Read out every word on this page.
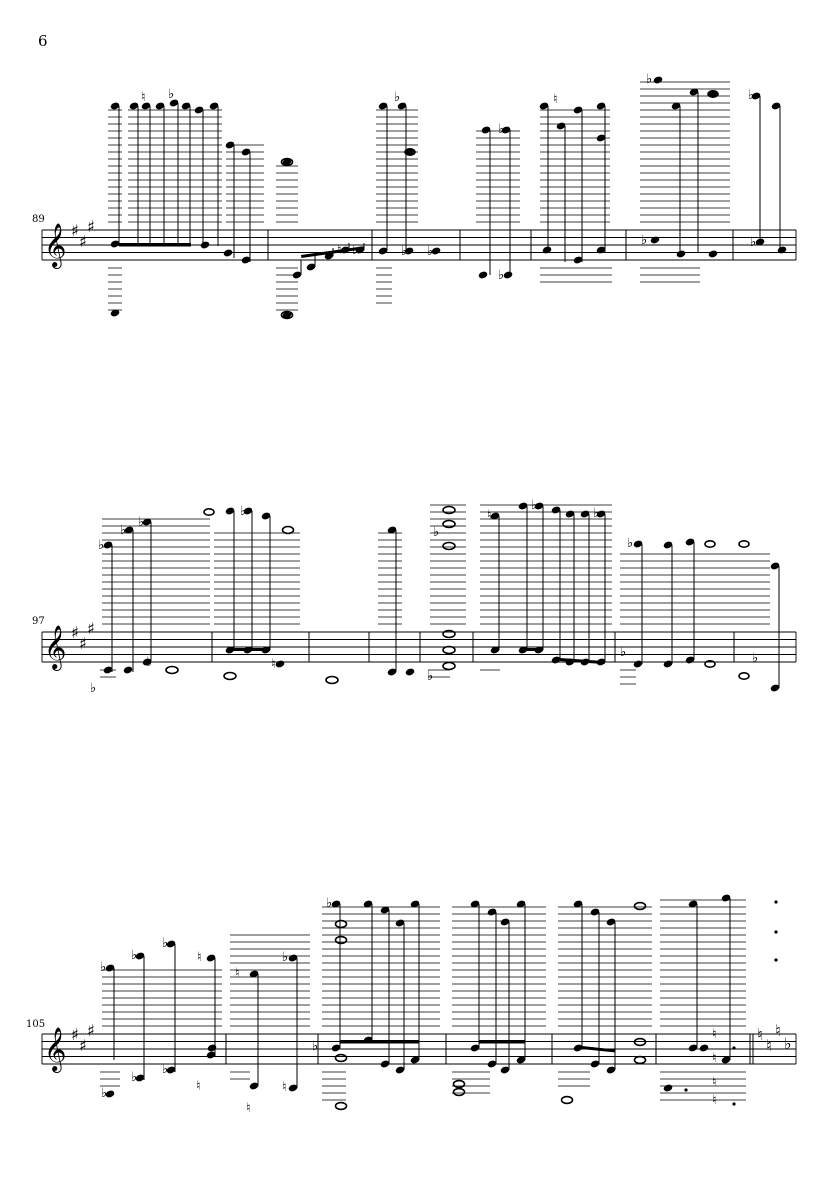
6
89
97
105
𝄞 ♯
♯
♯
♮ ♭	♭
♭
♭
♭
♮
♮ ♭	♭ ♭
♭
♭	♭
𝄞 ♯
♯
♯
♭
♭
♭
♭
♭
♮
♭
♭
♭
♭
♭
♮
♭
♭	♭
𝄞 ♯
♯
♯	♮
♮
♮
♭
♭
♭
♭
♮
♮
♭
♭
♭
♭
♭
♮
♮
♮
♭
♮
♮
♮
♮
